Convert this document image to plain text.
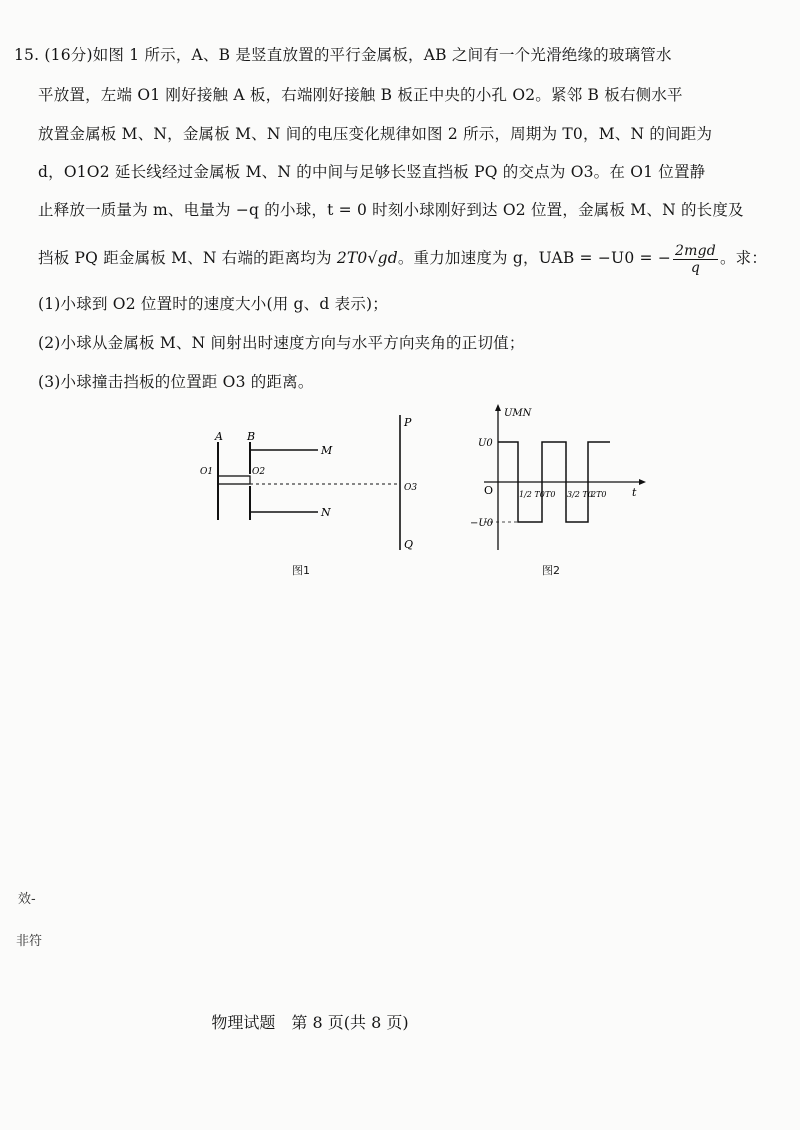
15. (16分)如图 1 所示，A、B 是竖直放置的平行金属板，AB 之间有一个光滑绝缘的玻璃管水
平放置，左端 O1 刚好接触 A 板，右端刚好接触 B 板正中央的小孔 O2。紧邻 B 板右侧水平
放置金属板 M、N，金属板 M、N 间的电压变化规律如图 2 所示，周期为 T0，M、N 的间距为
d，O1O2 延长线经过金属板 M、N 的中间与足够长竖直挡板 PQ 的交点为 O3。在 O1 位置静
止释放一质量为 m、电量为 −q 的小球，t = 0 时刻小球刚好到达 O2 位置，金属板 M、N 的长度及
挡板 PQ 距金属板 M、N 右端的距离均为 2T0√gd。重力加速度为 g，UAB = −U0 = − $\frac{\text{2mgd}}{q}$ 。求：
(1)小球到 O2 位置时的速度大小(用 g、d 表示)；
(2)小球从金属板 M、N 间射出时速度方向与水平方向夹角的正切值；
(3)小球撞击挡板的位置距 O3 的距离。
A B
M
N
P
Q
O1	O2
O3
图1
UMN
t
O
U0
−U0
1/2 T0 T0 3/2 T0
2T0
图2
效-
非符
物理试题　第 8 页(共 8 页)
